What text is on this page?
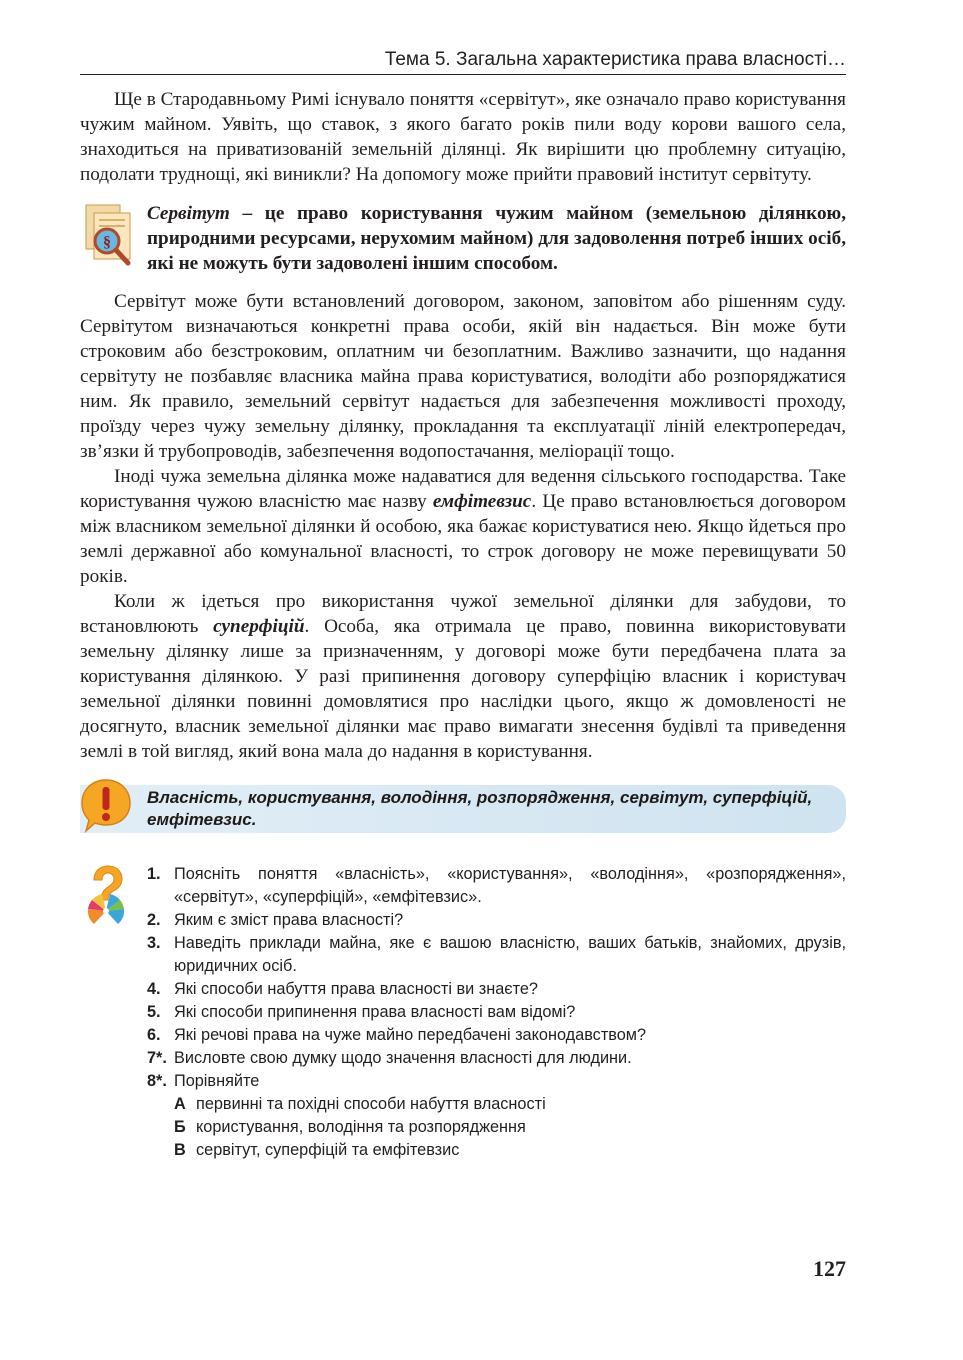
Тема 5. Загальна характеристика права власності…

Ще в Стародавньому Римі існувало поняття «сервітут», яке означало право користування чужим майном. Уявіть, що ставок, з якого багато років пили воду корови вашого села, знаходиться на приватизованій земельній ділянці. Як вирішити цю проблемну ситуацію, подолати труднощі, які виникли? На допомогу може прийти правовий інститут сервітуту.

§

Сервітут – це право користування чужим майном (земельною ділянкою, природними ресурсами, нерухомим майном) для задоволення потреб інших осіб, які не можуть бути задоволені іншим способом.

Сервітут може бути встановлений договором, законом, заповітом або рішенням суду. Сервітутом визначаються конкретні права особи, якій він надається. Він може бути строковим або безстроковим, оплатним чи безоплатним. Важливо зазначити, що надання сервітуту не позбавляє власника майна права користуватися, володіти або розпоряджатися ним. Як правило, земельний сервітут надається для забезпечення можливості проходу, проїзду через чужу земельну ділянку, прокладання та експлуатації ліній електропередач, зв’язки й трубопроводів, забезпечення водопостачання, меліорації тощо.

Іноді чужа земельна ділянка може надаватися для ведення сільського господарства. Таке користування чужою власністю має назву емфітевзис. Це право встановлюється договором між власником земельної ділянки й особою, яка бажає користуватися нею. Якщо йдеться про землі державної або комунальної власності, то строк договору не може перевищувати 50 років.

Коли ж ідеться про використання чужої земельної ділянки для забудови, то встановлюють суперфіцій. Особа, яка отримала це право, повинна використовувати земельну ділянку лише за призначенням, у договорі може бути передбачена плата за користування ділянкою. У разі припинення договору суперфіцію власник і користувач земельної ділянки повинні домовлятися про наслідки цього, якщо ж домовленості не досягнуто, власник земельної ділянки має право вимагати знесення будівлі та приведення землі в той вигляд, який вона мала до надання в користування.

Власність, користування, володіння, розпорядження, сервітут, суперфіцій, емфітевзис.
1. Поясніть поняття «власність», «користування», «володіння», «розпорядження», «сервітут», «суперфіцій», «емфітевзис».
2. Яким є зміст права власності?
3. Наведіть приклади майна, яке є вашою власністю, ваших батьків, знайомих, друзів, юридичних осіб.
4. Які способи набуття права власності ви знаєте?
5. Які способи припинення права власності вам відомі?
6. Які речові права на чуже майно передбачені законодавством?
7*. Висловте свою думку щодо значення власності для людини.
8*. Порівняйте
А первинні та похідні способи набуття власності
Б користування, володіння та розпорядження
В сервітут, суперфіцій та емфітевзис
127
